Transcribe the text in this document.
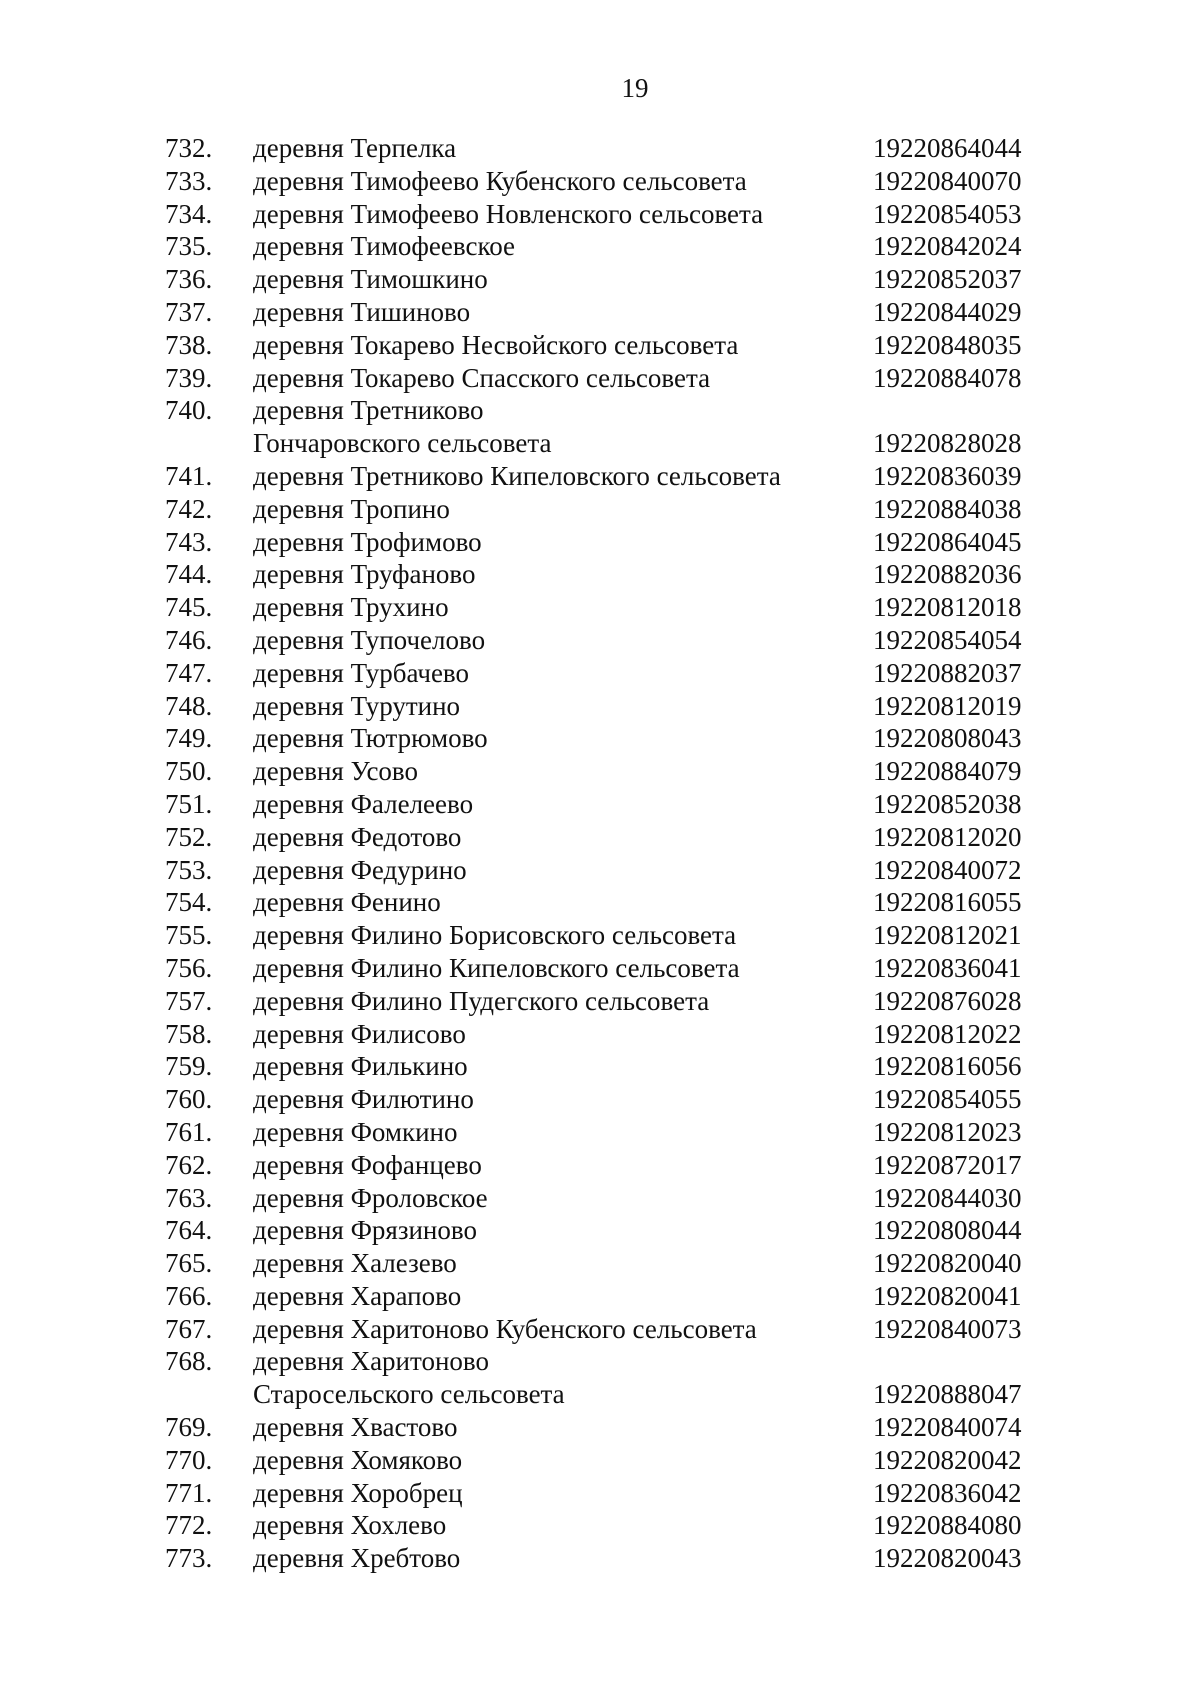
19
732. деревня Терпелка	19220864044
733. деревня Тимофеево Кубенского сельсовета	19220840070
734. деревня Тимофеево Новленского сельсовета	19220854053
735. деревня Тимофеевское	19220842024
736. деревня Тимошкино	19220852037
737. деревня Тишиново	19220844029
738. деревня Токарево Несвойского сельсовета	19220848035
739. деревня Токарево Спасского сельсовета	19220884078
740. деревня Третниково
Гончаровского сельсовета	19220828028
741. деревня Третниково Кипеловского сельсовета	19220836039
742. деревня Тропино	19220884038
743. деревня Трофимово	19220864045
744. деревня Труфаново	19220882036
745. деревня Трухино	19220812018
746. деревня Тупочелово	19220854054
747. деревня Турбачево	19220882037
748. деревня Турутино	19220812019
749. деревня Тютрюмово	19220808043
750. деревня Усово	19220884079
751. деревня Фалелеево	19220852038
752. деревня Федотово	19220812020
753. деревня Федурино	19220840072
754. деревня Фенино	19220816055
755. деревня Филино Борисовского сельсовета	19220812021
756. деревня Филино Кипеловского сельсовета	19220836041
757. деревня Филино Пудегского сельсовета	19220876028
758. деревня Филисово	19220812022
759. деревня Филькино	19220816056
760. деревня Филютино	19220854055
761. деревня Фомкино	19220812023
762. деревня Фофанцево	19220872017
763. деревня Фроловское	19220844030
764. деревня Фрязиново	19220808044
765. деревня Халезево	19220820040
766. деревня Харапово	19220820041
767. деревня Харитоново Кубенского сельсовета	19220840073
768. деревня Харитоново
Старосельского сельсовета	19220888047
769. деревня Хвастово	19220840074
770. деревня Хомяково	19220820042
771. деревня Хоробрец	19220836042
772. деревня Хохлево	19220884080
773. деревня Хребтово	19220820043
